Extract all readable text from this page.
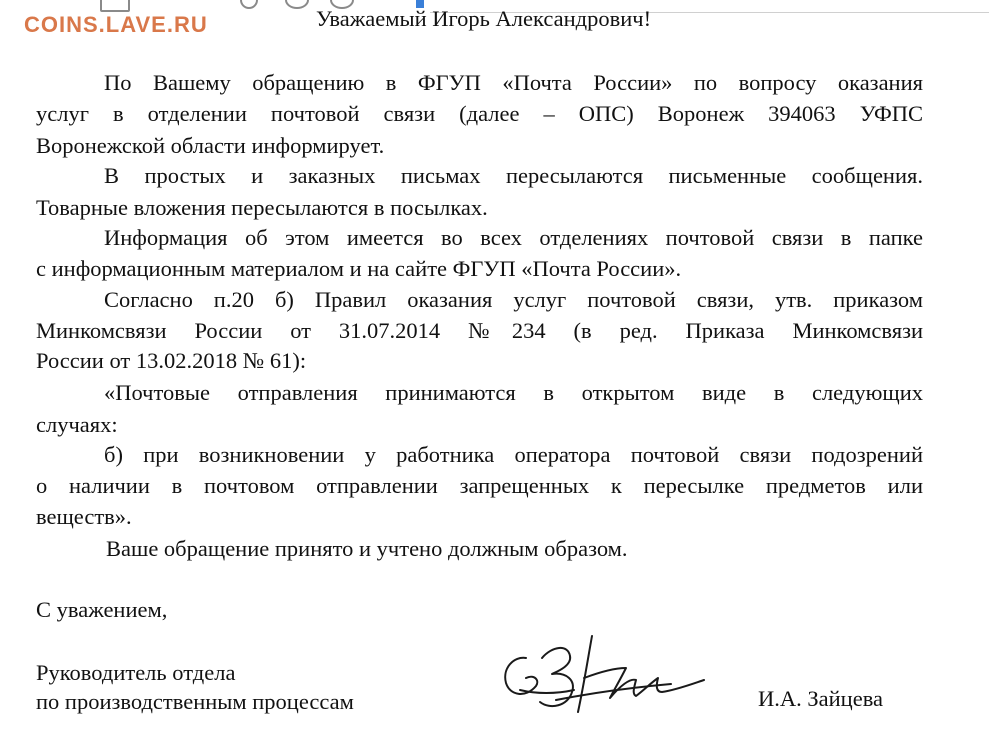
COINS.LAVE.RU	Уважаемый Игорь Александрович!
По Вашему обращению в ФГУП «Почта России» по вопросу оказания
услуг в отделении почтовой связи (далее – ОПС) Воронеж 394063 УФПС
Воронежской области информирует.
В простых и заказных письмах пересылаются письменные сообщения.
Товарные вложения пересылаются в посылках.
Информация об этом имеется во всех отделениях почтовой связи в папке
с информационным материалом и на сайте ФГУП «Почта России».
Согласно п.20 б) Правил оказания услуг почтовой связи, утв. приказом
Минкомсвязи России от 31.07.2014 №234 (в ред. Приказа Минкомсвязи
России от 13.02.2018 № 61):
«Почтовые отправления принимаются в открытом виде в следующих
случаях:
б) при возникновении у работника оператора почтовой связи подозрений
о наличии в почтовом отправлении запрещенных к пересылке предметов или
веществ».
Ваше обращение принято и учтено должным образом.
С уважением,
Руководитель отдела
по производственным процессам	И.А. Зайцева
